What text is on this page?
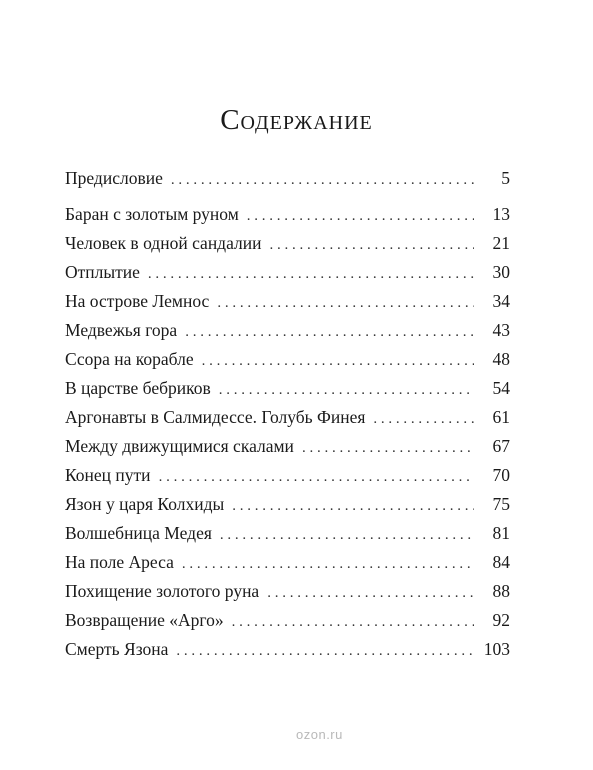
Содержание
Предисловие . . .	5
Баран с золотым руном . . .	13
Человек в одной сандалии . . .	21
Отплытие . . .	30
На острове Лемнос . . .	34
Медвежья гора . . .	43
Ссора на корабле . . .	48
В царстве бебриков . . .	54
Аргонавты в Салмидессе. Голубь Финея . . .	61
Между движущимися скалами . . .	67
Конец пути . . .	70
Язон у царя Колхиды . . .	75
Волшебница Медея . . .	81
На поле Ареса . . .	84
Похищение золотого руна . . .	88
Возвращение «Арго» . . .	92
Смерть Язона . . .	103
ozon.ru
